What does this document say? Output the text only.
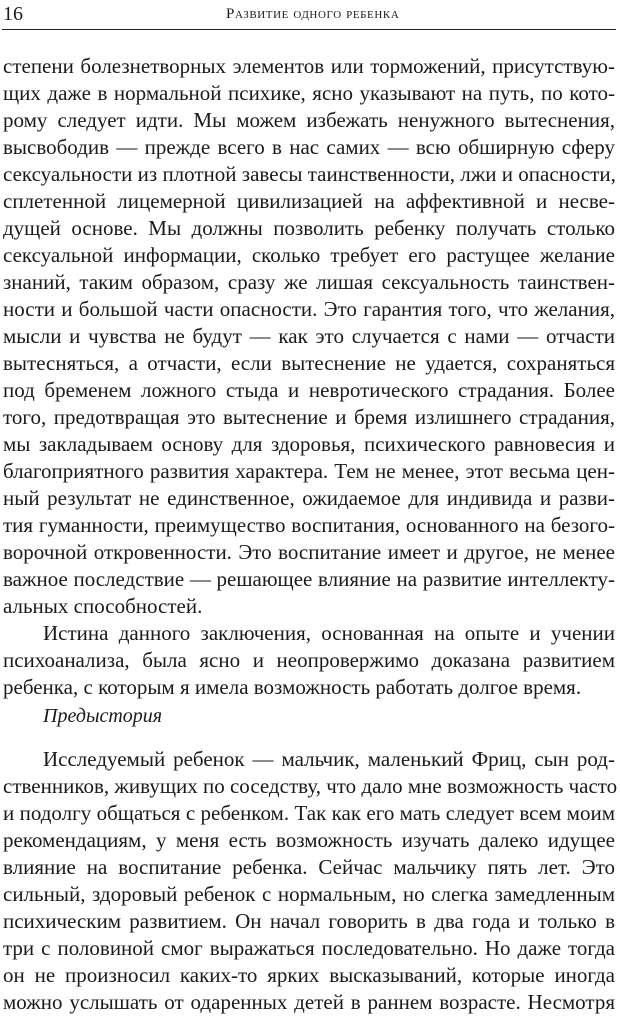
16	Развитие одного ребенка
степени болезнетворных элементов или торможений, присутствую-
щих даже в нормальной психике, ясно указывают на путь, по кото-
рому следует идти. Мы можем избежать ненужного вытеснения,
высвободив — прежде всего в нас самих — всю обширную сферу
сексуальности из плотной завесы таинственности, лжи и опасности,
сплетенной лицемерной цивилизацией на аффективной и несве-
дущей основе. Мы должны позволить ребенку получать столько
сексуальной информации, сколько требует его растущее желание
знаний, таким образом, сразу же лишая сексуальность таинствен-
ности и большой части опасности. Это гарантия того, что желания,
мысли и чувства не будут — как это случается с нами — отчасти
вытесняться, а отчасти, если вытеснение не удается, сохраняться
под бременем ложного стыда и невротического страдания. Более
того, предотвращая это вытеснение и бремя излишнего страдания,
мы закладываем основу для здоровья, психического равновесия и
благоприятного развития характера. Тем не менее, этот весьма цен-
ный результат не единственное, ожидаемое для индивида и разви-
тия гуманности, преимущество воспитания, основанного на безого-
ворочной откровенности. Это воспитание имеет и другое, не менее
важное последствие — решающее влияние на развитие интеллекту-
альных способностей.
Истина данного заключения, основанная на опыте и учении
психоанализа, была ясно и неопровержимо доказана развитием
ребенка, с которым я имела возможность работать долгое время.
Предыстория
Исследуемый ребенок — мальчик, маленький Фриц, сын род-
ственников, живущих по соседству, что дало мне возможность часто
и подолгу общаться с ребенком. Так как его мать следует всем моим
рекомендациям, у меня есть возможность изучать далеко идущее
влияние на воспитание ребенка. Сейчас мальчику пять лет. Это
сильный, здоровый ребенок с нормальным, но слегка замедленным
психическим развитием. Он начал говорить в два года и только в
три с половиной смог выражаться последовательно. Но даже тогда
он не произносил каких-то ярких высказываний, которые иногда
можно услышать от одаренных детей в раннем возрасте. Несмотря
